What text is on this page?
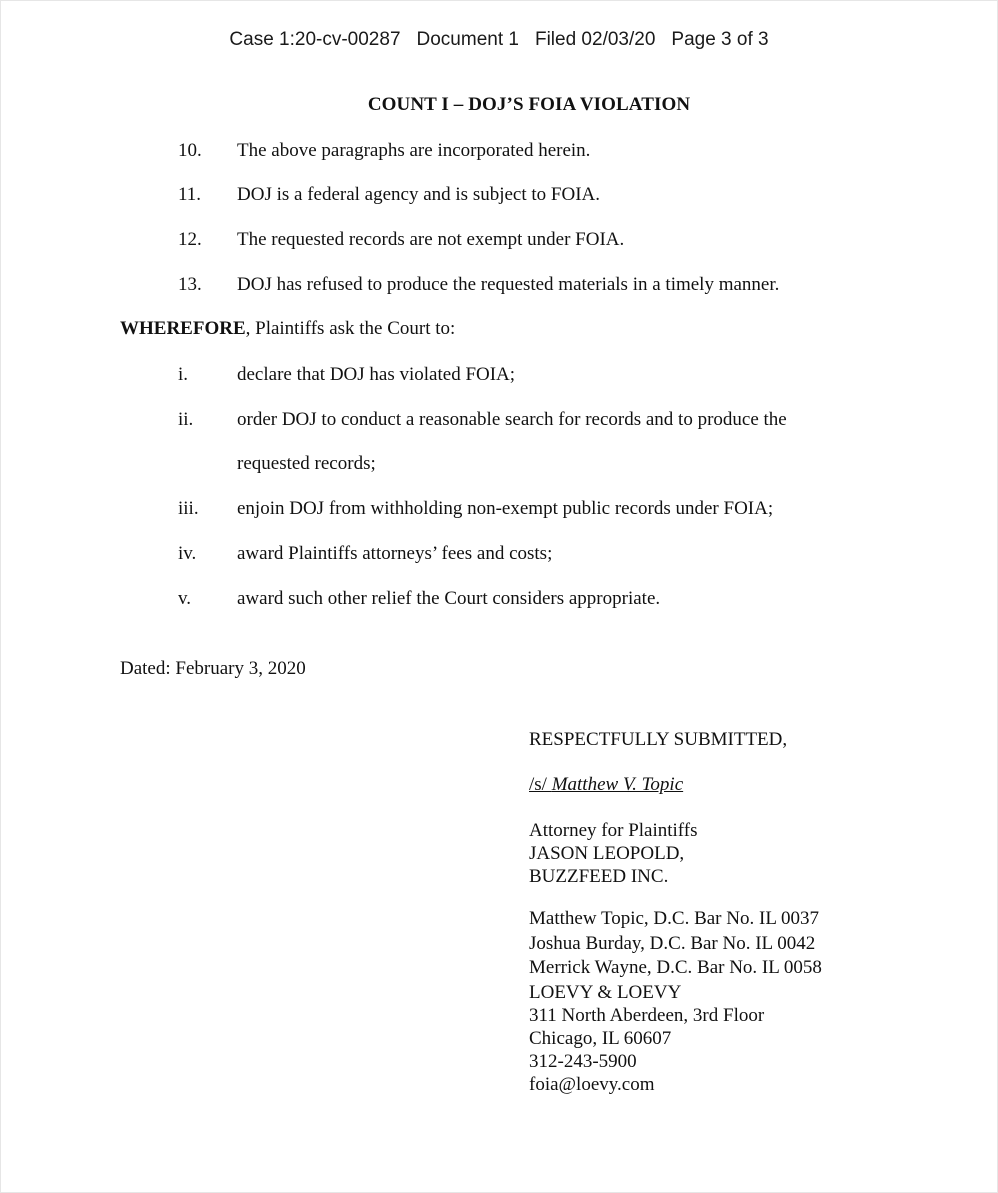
Case 1:20-cv-00287 Document 1 Filed 02/03/20 Page 3 of 3
COUNT I – DOJ’S FOIA VIOLATION
10. The above paragraphs are incorporated herein.
11. DOJ is a federal agency and is subject to FOIA.
12. The requested records are not exempt under FOIA.
13. DOJ has refused to produce the requested materials in a timely manner.
WHEREFORE, Plaintiffs ask the Court to:
i.	declare that DOJ has violated FOIA;
ii. order DOJ to conduct a reasonable search for records and to produce the
requested records;
iii. enjoin DOJ from withholding non-exempt public records under FOIA;
iv. award Plaintiffs attorneys’ fees and costs;
v. award such other relief the Court considers appropriate.
Dated: February 3, 2020
RESPECTFULLY SUBMITTED,
/s/ Matthew V. Topic
Attorney for Plaintiffs
JASON LEOPOLD,
BUZZFEED INC.
Matthew Topic, D.C. Bar No. IL 0037
Joshua Burday, D.C. Bar No. IL 0042
Merrick Wayne, D.C. Bar No. IL 0058
LOEVY & LOEVY
311 North Aberdeen, 3rd Floor
Chicago, IL 60607
312-243-5900
foia@loevy.com
